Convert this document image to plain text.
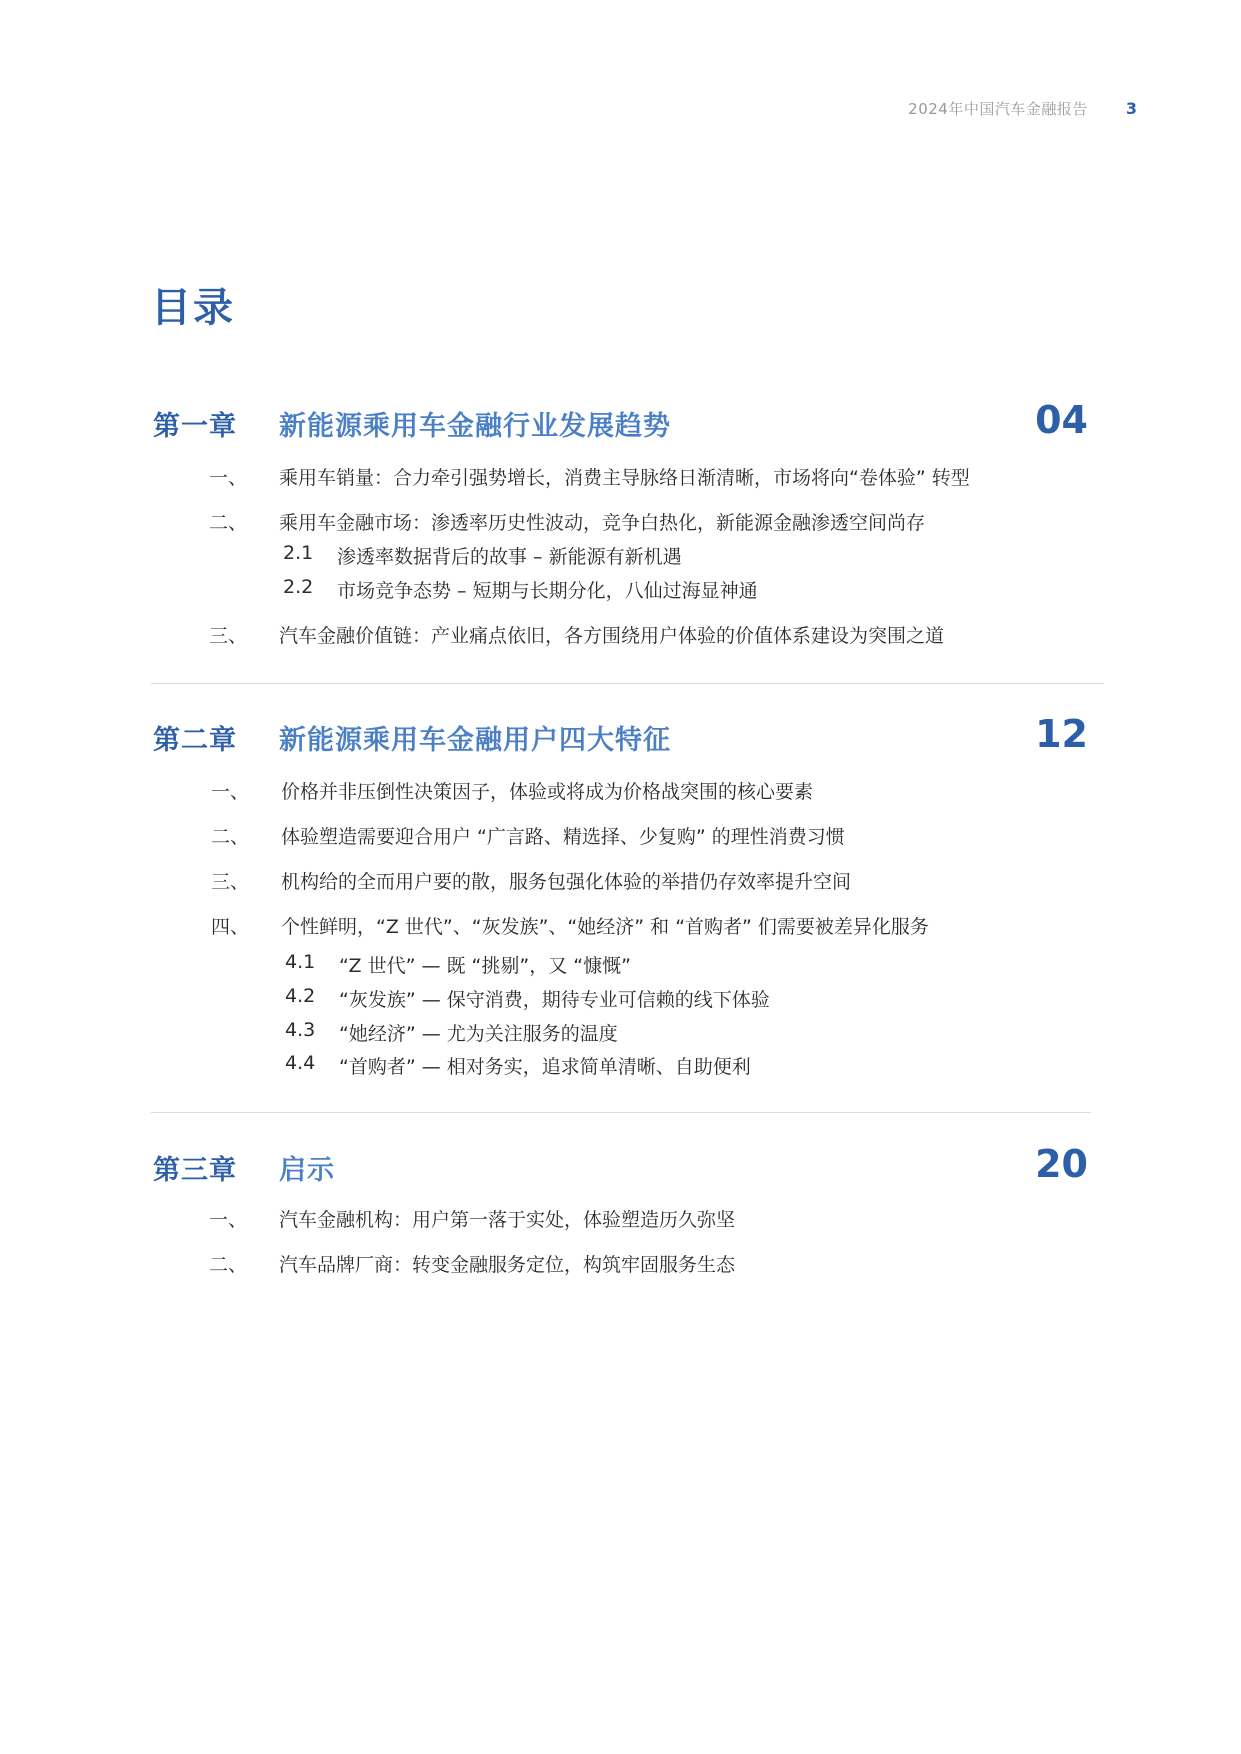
2024年中国汽车金融报告 3
目录
第一章 新能源乘用车金融行业发展趋势	04
一、 乘用车销量：合力牵引强势增长，消费主导脉络日渐清晰，市场将向“卷体验” 转型
二、 乘用车金融市场：渗透率历史性波动，竞争白热化，新能源金融渗透空间尚存
2.1 渗透率数据背后的故事 – 新能源有新机遇
2.2 市场竞争态势 – 短期与长期分化，八仙过海显神通
三、 汽车金融价值链：产业痛点依旧，各方围绕用户体验的价值体系建设为突围之道
第二章 新能源乘用车金融用户四大特征	12
一、 价格并非压倒性决策因子，体验或将成为价格战突围的核心要素
二、 体验塑造需要迎合用户 “广言路、精选择、少复购” 的理性消费习惯
三、 机构给的全而用户要的散，服务包强化体验的举措仍存效率提升空间
四、 个性鲜明，“Z 世代”、“灰发族”、“她经济” 和 “首购者” 们需要被差异化服务
4.1 “Z 世代” — 既 “挑剔”，又 “慷慨”
4.2 “灰发族” — 保守消费，期待专业可信赖的线下体验
4.3 “她经济” — 尤为关注服务的温度
4.4 “首购者” — 相对务实，追求简单清晰、自助便利
第三章 启示	20
一、 汽车金融机构：用户第一落于实处，体验塑造历久弥坚
二、 汽车品牌厂商：转变金融服务定位，构筑牢固服务生态
